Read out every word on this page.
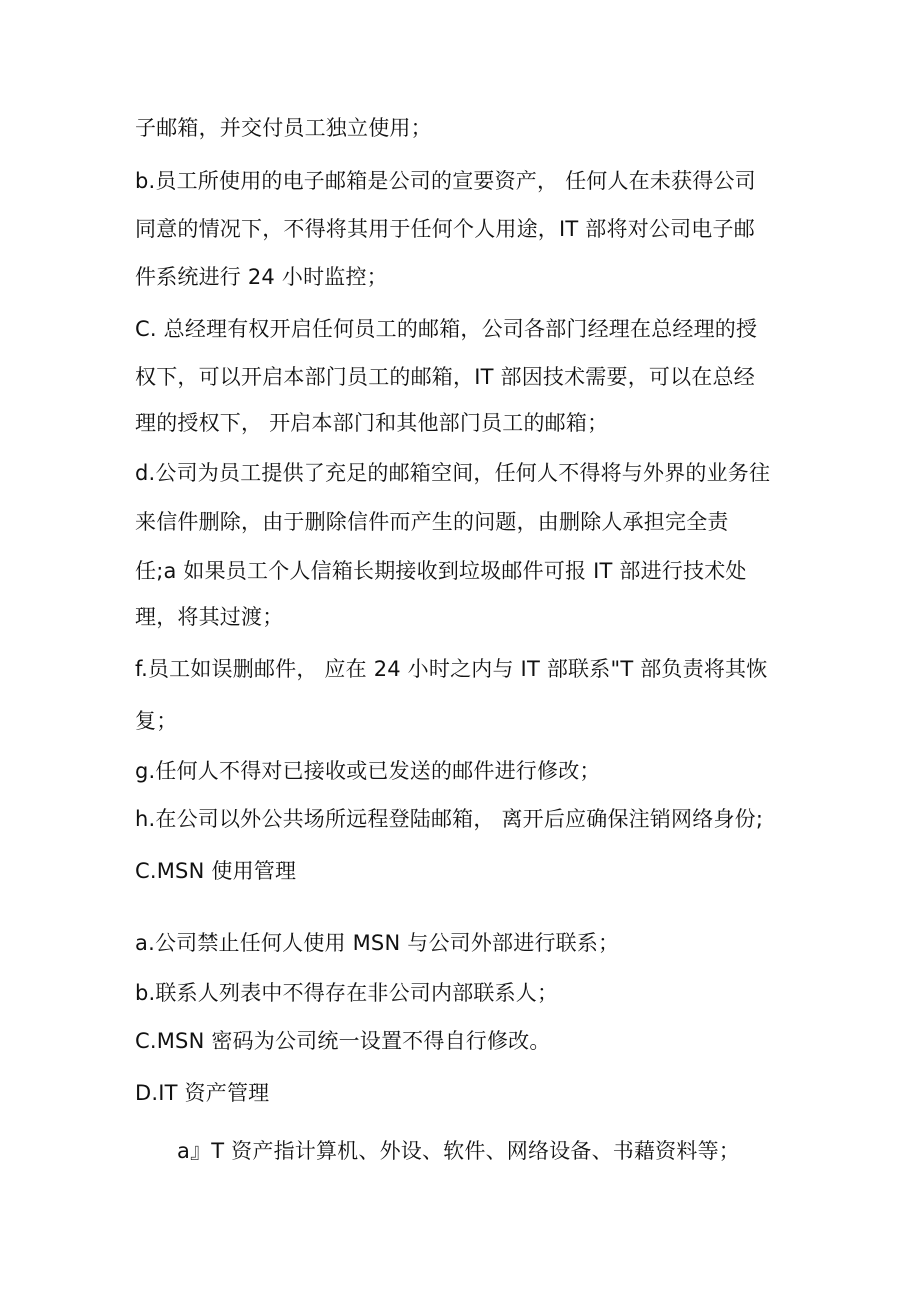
子邮箱，并交付员工独立使用；
b.员工所使用的电子邮箱是公司的宣要资产， 任何人在未获得公司
同意的情况下，不得将其用于任何个人用途，IT 部将对公司电子邮
件系统进行 24 小时监控；
C. 总经理有权开启任何员工的邮箱，公司各部门经理在总经理的授
权下，可以开启本部门员工的邮箱，IT 部因技术需要，可以在总经
理的授权下， 开启本部门和其他部门员工的邮箱；
d.公司为员工提供了充足的邮箱空间，任何人不得将与外界的业务往
来信件删除，由于删除信件而产生的问题，由删除人承担完全责
任;a 如果员工个人信箱长期接收到垃圾邮件可报 IT 部进行技术处
理，将其过渡；
f.员工如误删邮件， 应在 24 小时之内与 IT 部联系"T 部负责将其恢
复；
g.任何人不得对已接收或已发送的邮件进行修改；
h.在公司以外公共场所远程登陆邮箱， 离开后应确保注销网络身份;
C.MSN 使用管理
a.公司禁止任何人使用 MSN 与公司外部进行联系；
b.联系人列表中不得存在非公司内部联系人；
C.MSN 密码为公司统一设置不得自行修改。
D.IT 资产管理
a』T 资产指计算机、外设、软件、网络设备、书藉资料等；
